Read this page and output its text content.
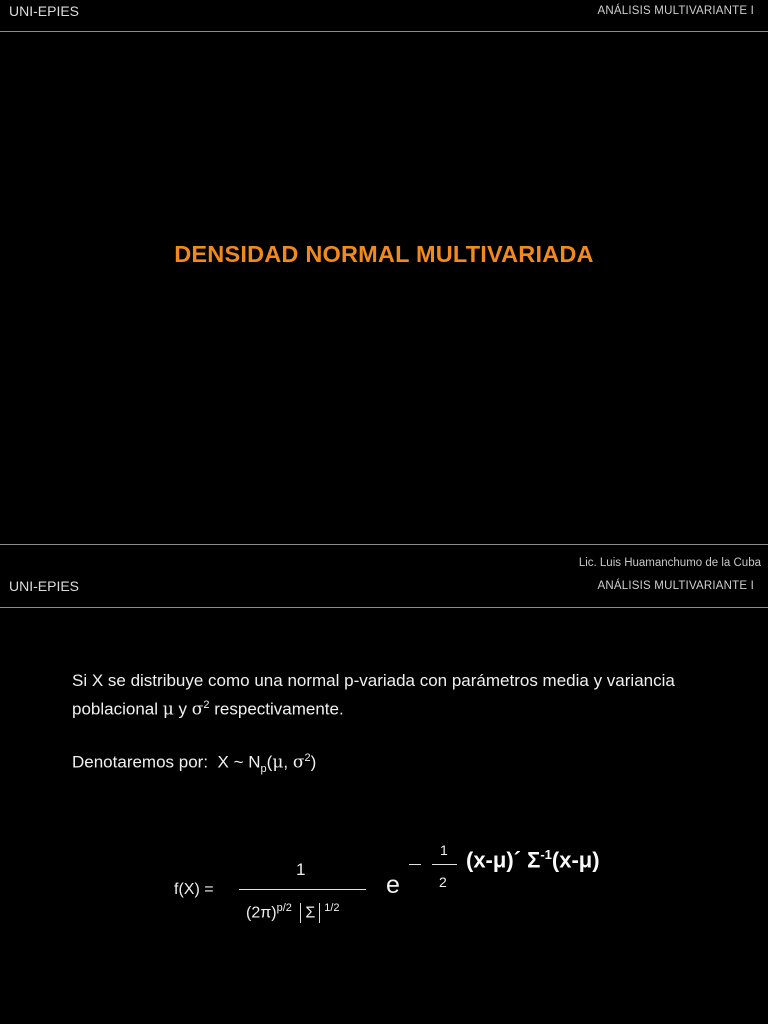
UNI-EPIES	ANÁLISIS MULTIVARIANTE I
DENSIDAD NORMAL MULTIVARIADA
Lic. Luis Huamanchumo de la Cuba
UNI-EPIES	ANÁLISIS MULTIVARIANTE I
Si X se distribuye como una normal p-variada con parámetros media y variancia poblacional μ y $\sigma^2$ respectivamente.
Denotaremos por: X ~ $N_p(\mu$, $\sigma^2$)
f(X) =
1
$(2\pi)^{p/2}$ Σ $^{1/2}$
e
1
2
(x-μ)´ $\Sigma^{-1}(x-\mu)$
